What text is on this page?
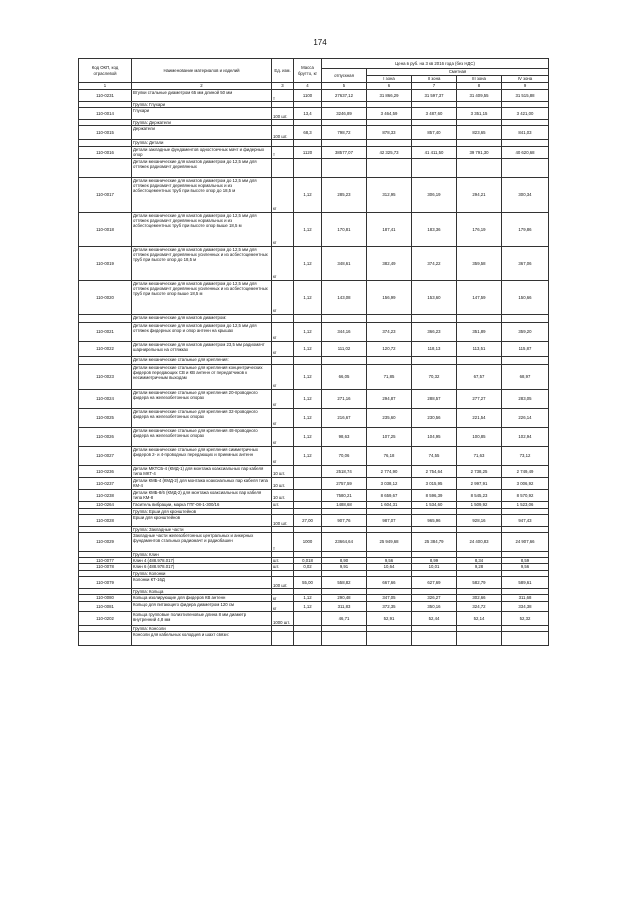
174
Код ОКП, код отраслевой	Наименование материалов и изделий	Ед. изм.	Масса брутто, кг	Цена в руб. на 3 кв 2016 года (без НДС)				
				отпускная	Сметная			
					I зона	II зона	III зона	IV зона
1	2	3	4	5	6	7	8	9
110-0231	Втулки стальные диаметром 65 мм длиной 50 мм	т	1100	27637,12	31 866,29	31 597,37	31 409,55	31 515,88
	Группа: Глухари							
110-0014	Глухари	100 шт.	13,4	3246,89	3 464,59	3 487,60	3 351,15	3 421,00
	Группа: Держатели							
110-0015	Держатели	100 шт.	68,3	798,72	878,33	857,40	823,65	841,03
	Группа: Детали							
110-0016	Детали закладные фундаментов одностоечных мачт и фидерных опор	т	1120	38577,07	42 325,73	41 411,50	39 791,30	40 620,68
	Детали механические для канатов диаметром до 12,5 мм для оттяжек радиомачт деревянных							
110-0017	Детали механические для канатов диаметром до 12,5 мм для оттяжек радиомачт деревянных нормальных и из асбестоцементных труб при высоте опор до 18,5 м	кг	1,12	285,23	312,95	306,19	294,21	300,34
110-0018	Детали механические для канатов диаметром до 12,5 мм для оттяжек радиомачт деревянных нормальных и из асбестоцементных труб при высоте опор выше 18,5 м	кг	1,12	170,81	187,41	183,36	176,19	179,86
110-0019	Детали механические для канатов диаметром до 12,5 мм для оттяжек радиомачт деревянных усиленных и из асбестоцементных труб при высоте опор до 18,5 м	кг	1,12	348,61	382,49	374,22	359,58	367,06
110-0020	Детали механические для канатов диаметром до 12,5 мм для оттяжек радиомачт деревянных усиленных и из асбестоцементных труб при высоте опор выше 18,5 м	кг	1,12	143,08	156,99	153,60	147,59	150,66
	Детали механические для канатов диаметром:							
110-0021	Детали механические для канатов диаметром до 12,5 мм для оттяжек фидерных опор и опор антенн на крышах	кг	1,12	344,16	374,23	366,23	351,89	359,20
110-0022	Детали механические для канатов диаметром 23,5 мм радиомачт шарнирельных на оттяжках	кг	1,12	111,02	120,72	118,13	113,51	115,87
	Детали механические стальные для крепления:							
110-0023	Детали механические стальные для крепления концентрических фидеров передающих СВ и КВ антенн от передатчиков к несимметричным выходам	кг	1,12	66,05	71,85	70,32	67,57	68,97
110-0024	Детали механические стальные для крепления 20-проводного фидера на железобетонных опорах	кг	1,12	271,16	294,87	288,57	277,27	283,05
110-0025	Детали механические стальные для крепления 32-проводного фидера на железобетонных опорах	кг	1,12	216,67	235,60	230,56	221,54	226,14
110-0026	Детали механические стальные для крепления 48-проводного фидера на железобетонных опорах	кг	1,12	98,63	107,25	104,95	100,85	102,94
110-0027	Детали механические стальные для крепления симметричных фидеров 2- и 4-проводных передающих и приемных антенн	кг	1,12	70,06	76,18	74,55	71,63	73,12
110-0236	Детали МКТСБ-4 (КМД-1) для монтажа коаксиальных пар кабеля типа МКТ-4	10 шт.		2518,74	2 774,90	2 754,64	2 738,25	2 749,49
110-0237	Детали КМБ-4 (КМД-2) для монтажа коаксиальных пар кабеля типа КМ-4	10 шт.		2757,59	3 038,12	3 015,95	2 997,91	3 006,92
110-0238	Детали КМБ-8/6 (КМД-2) для монтажа коаксиальных пар кабеля типа КМ-8	10 шт.		7580,21	8 659,67	8 596,39	8 545,23	8 570,92
110-0264	Гаситель вибрации, марка ГПГ-08-1-300/16	шт.		1488,68	1 604,31	1 534,60	1 509,92	1 523,06
	Группа: Ерши для кронштейнов							
110-0028	Ерши для кронштейнов	100 шт.	27,00	907,76	987,07	965,96	928,16	947,43
	Группа: Закладные части							
110-0029	Закладные части железобетонных центральных и анкерных фундаментов стальных радиомачт и радиобашен	т	1000	23664,64	25 949,68	25 384,79	24 400,83	24 907,66
	Группа: Клин							
110-0077	Клин 4 (488.978.017)	шт.	0,018	8,90	9,56	8,99	8,34	8,59
110-0078	Клин 6 (488.978.017)	шт.	0,02	9,91	10,64	10,01	9,28	9,56
	Группа: Колонки							
110-0079	Колонки КТ-16Д	100 шт.	55,00	558,82	667,66	627,69	582,79	589,61
	Группа: Кольца							
110-0080	Кольца изолирующие для фидеров КВ антенн	кг	1,12	290,48	347,05	326,27	302,66	311,68
110-0081	Кольцо для питающего фидера диаметром 120 см	кг	1,12	311,83	372,35	350,16	324,72	334,38
110-0202	Кольца групповые полиэтиленовые длина 8 мм диаметр внутренний 4,8 мм	1000 шт.		46,71	52,91	52,44	52,14	52,32
	Группа: Консоли							
	Консоли для кабельных колодцев и шахт связи:							
